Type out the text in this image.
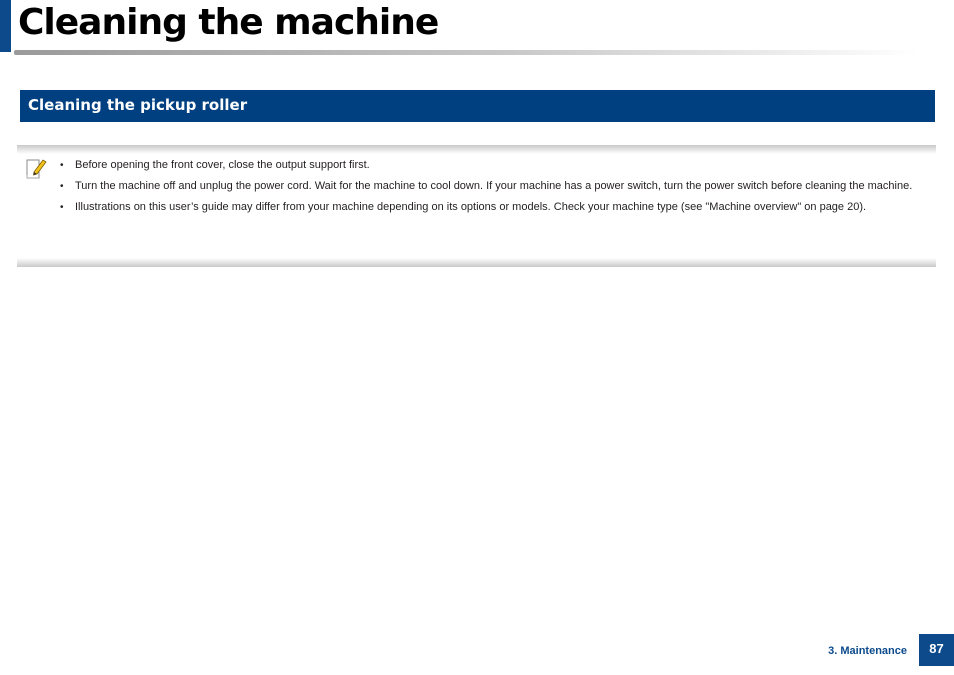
Cleaning the machine
Cleaning the pickup roller
• Before opening the front cover, close the output support first.
• Turn the machine off and unplug the power cord. Wait for the machine to cool down. If your machine has a power switch, turn the power switch before cleaning the machine.
• Illustrations on this user’s guide may differ from your machine depending on its options or models. Check your machine type (see "Machine overview" on page 20).
3. Maintenance	87
